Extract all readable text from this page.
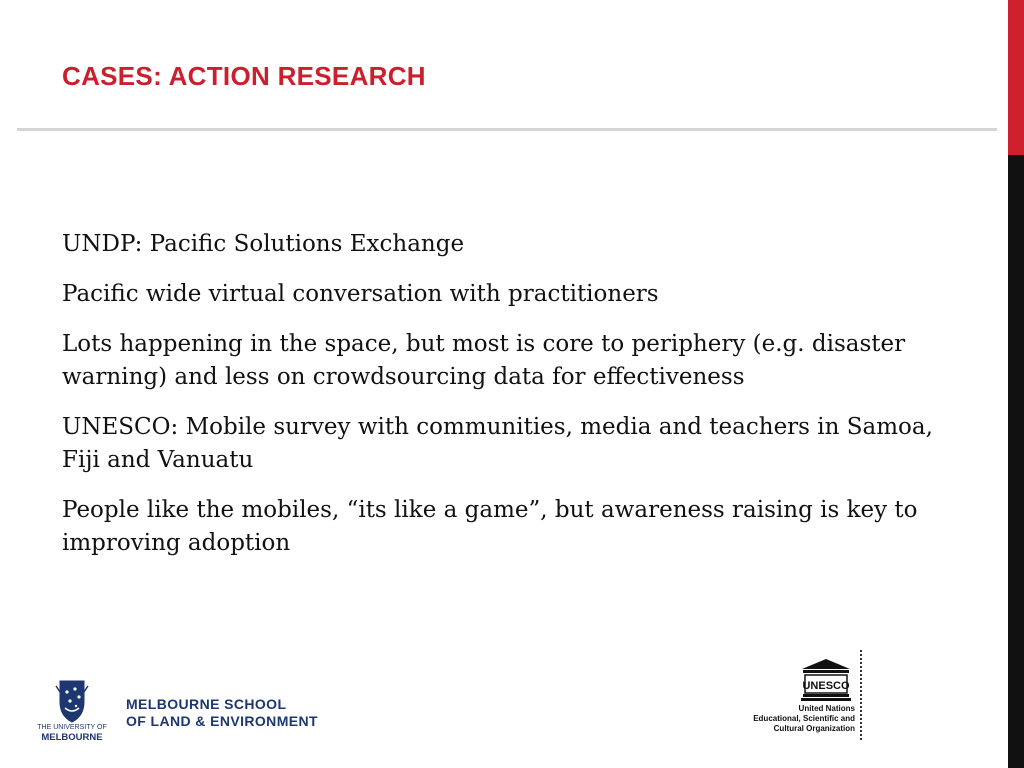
CASES: ACTION RESEARCH

UNDP: Pacific Solutions Exchange

Pacific wide virtual conversation with practitioners

Lots happening in the space, but most is core to periphery (e.g. disaster warning) and less on crowdsourcing data for effectiveness

UNESCO: Mobile survey with communities, media and teachers in Samoa, Fiji and Vanuatu

People like the mobiles, “its like a game”, but awareness raising is key to improving adoption

THE UNIVERSITY OF
MELBOURNE
MELBOURNE SCHOOL
OF LAND & ENVIRONMENT
UNESCO
United Nations
Educational, Scientific and
Cultural Organization
